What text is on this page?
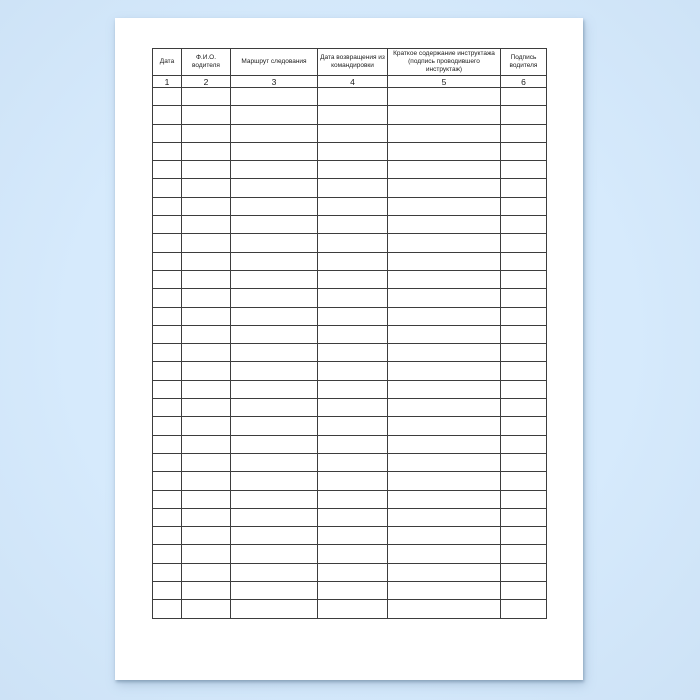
Дата	Ф.И.О. водителя	Маршрут следования	Дата возвращения из командировки	Краткое содержание инструктажа (подпись проводившего инструктаж)	Подпись водителя
1	2	3	4	5	6
